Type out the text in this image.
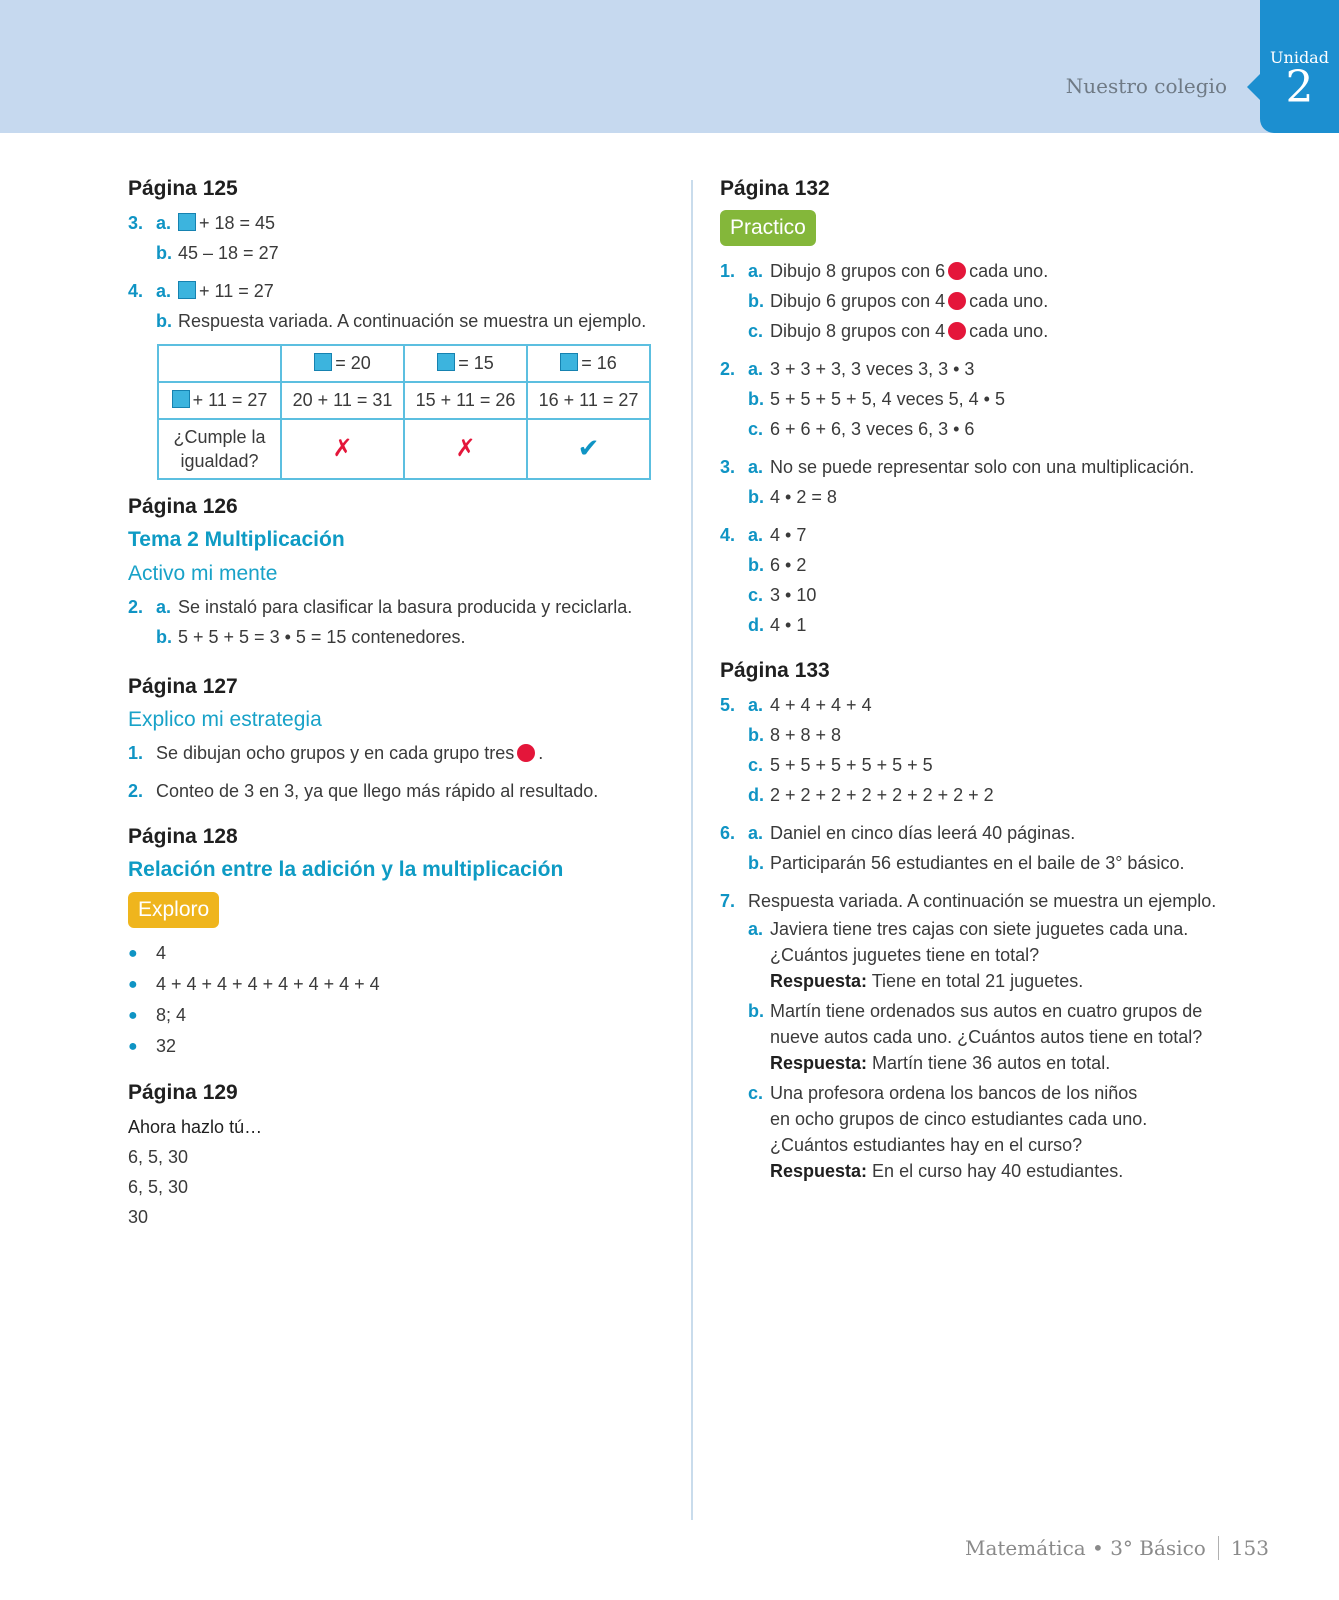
Nuestro colegio
Unidad
2
Página 125
3. a.	+ 18 = 45
b. 45 – 18 = 27
4. a.	+ 11 = 27
b. Respuesta variada. A continuación se muestra un ejemplo.
	= 20	= 15	= 16
+ 11 = 27	20 + 11 = 31	15 + 11 = 26	16 + 11 = 27
¿Cumple la
igualdad?	✗	✗	✔
Página 126
Tema 2 Multiplicación
Activo mi mente
2. a. Se instaló para clasificar la basura producida y reciclarla.
b. 5 + 5 + 5 = 3 • 5 = 15 contenedores.
Página 127
Explico mi estrategia
1. Se dibujan ocho grupos y en cada grupo tres .
2. Conteo de 3 en 3, ya que llego más rápido al resultado.
Página 128
Relación entre la adición y la multiplicación
Exploro
●	4
●	4 + 4 + 4 + 4 + 4 + 4 + 4 + 4
●	8; 4
●	32
Página 129
Ahora hazlo tú…
6, 5, 30
6, 5, 30
30
Página 132
Practico
1. a. Dibujo 8 grupos con 6 cada uno.
b. Dibujo 6 grupos con 4 cada uno.
c. Dibujo 8 grupos con 4 cada uno.
2. a. 3 + 3 + 3, 3 veces 3, 3 • 3
b. 5 + 5 + 5 + 5, 4 veces 5, 4 • 5
c. 6 + 6 + 6, 3 veces 6, 3 • 6
3. a. No se puede representar solo con una multiplicación.
b. 4 • 2 = 8
4. a. 4 • 7
b. 6 • 2
c. 3 • 10
d. 4 • 1
Página 133
5. a. 4 + 4 + 4 + 4
b. 8 + 8 + 8
c. 5 + 5 + 5 + 5 + 5 + 5
d. 2 + 2 + 2 + 2 + 2 + 2 + 2 + 2
6. a. Daniel en cinco días leerá 40 páginas.
b. Participarán 56 estudiantes en el baile de 3° básico.
7. Respuesta variada. A continuación se muestra un ejemplo.
a. Javiera tiene tres cajas con siete juguetes cada una.
¿Cuántos juguetes tiene en total?
Respuesta: Tiene en total 21 juguetes.
b. Martín tiene ordenados sus autos en cuatro grupos de
nueve autos cada uno. ¿Cuántos autos tiene en total?
Respuesta: Martín tiene 36 autos en total.
c. Una profesora ordena los bancos de los niños
en ocho grupos de cinco estudiantes cada uno.
¿Cuántos estudiantes hay en el curso?
Respuesta: En el curso hay 40 estudiantes.
Matemática • 3° Básico 153
